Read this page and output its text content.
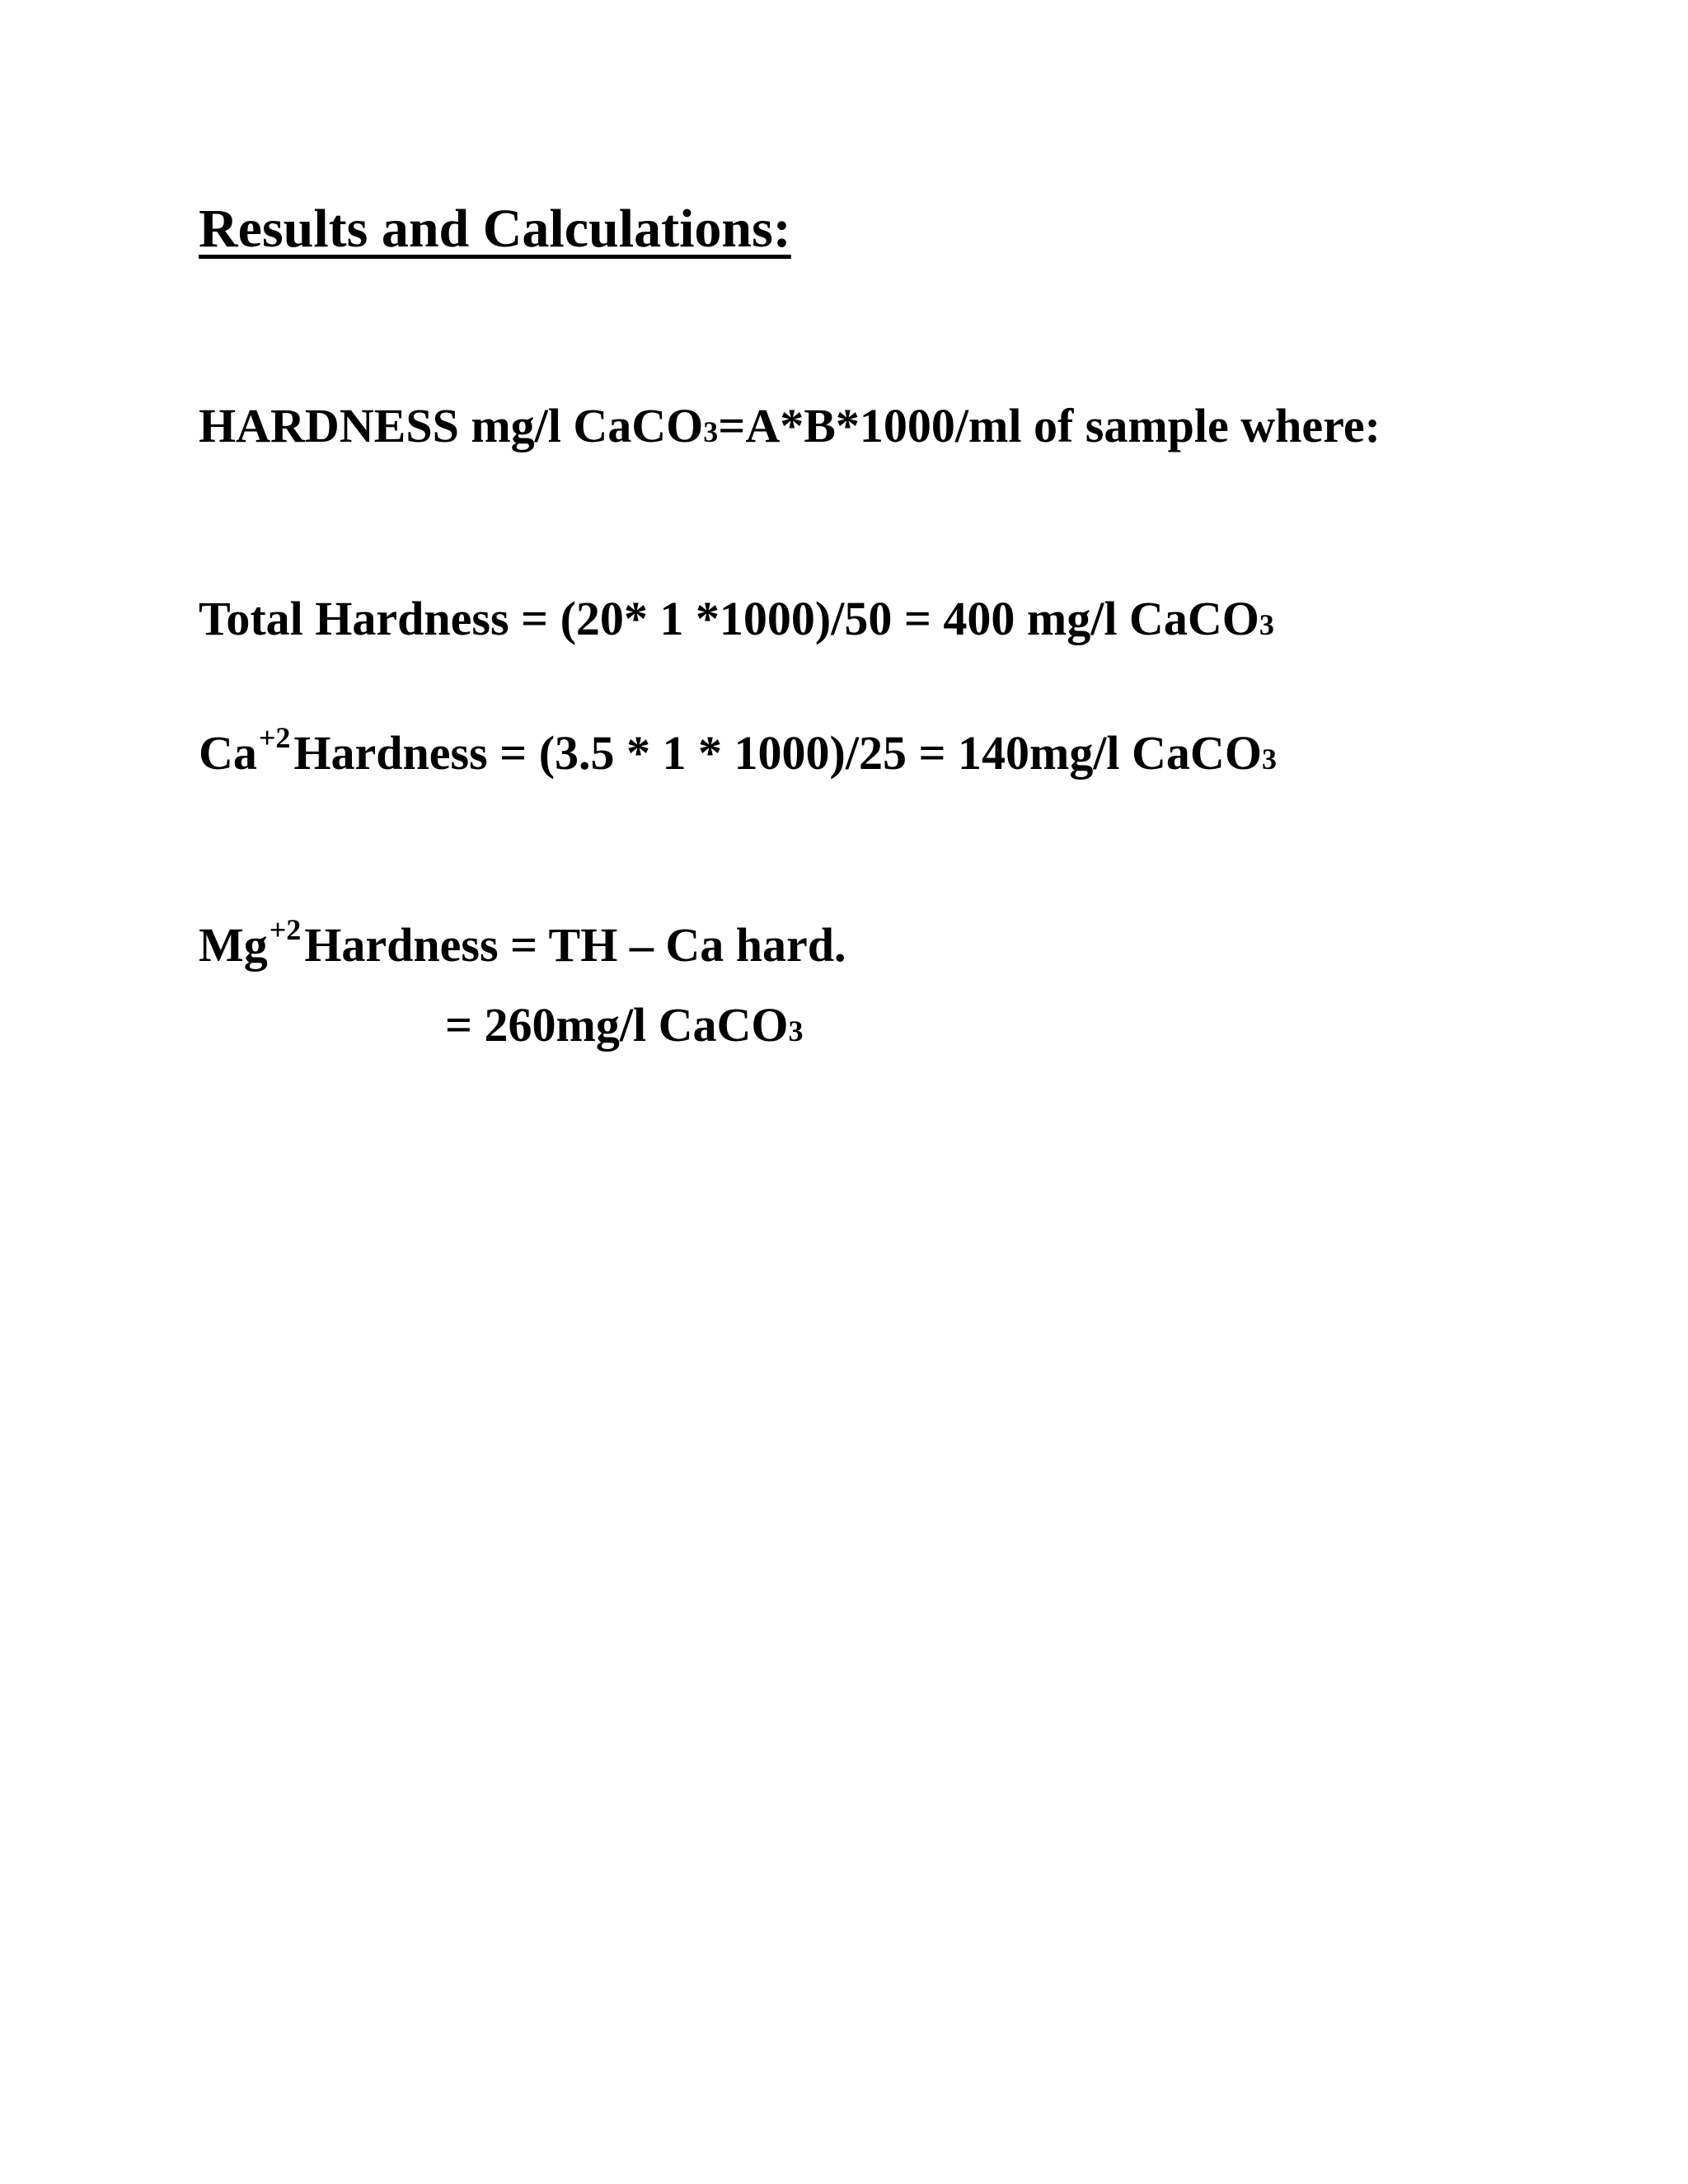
Results and Calculations:
HARDNESS mg/l CaCO3=A*B*1000/ml of sample where:
Total Hardness = (20* 1 *1000)/50 = 400 mg/l CaCO3
$Ca^{+2}Hardness = (3.5 * 1 * 1000)/25 = 140mg/l$ CaCO3
$Mg^{+2}Hardness$ = TH – Ca hard.
= 260mg/l CaCO3
